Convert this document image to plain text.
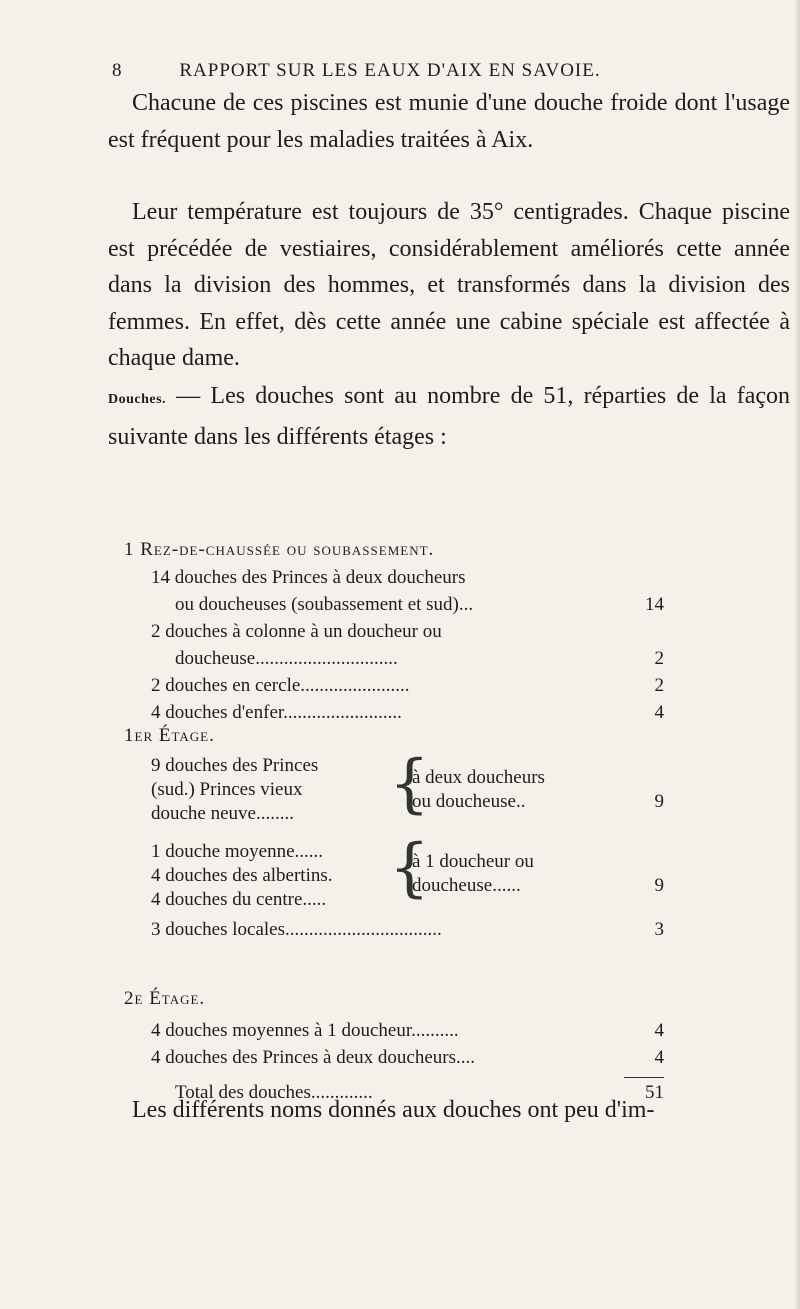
8	RAPPORT SUR LES EAUX D'AIX EN SAVOIE.

Chacune de ces piscines est munie d'une douche froide dont l'usage est fréquent pour les maladies traitées à Aix.

Leur température est toujours de 35° centigrades. Chaque piscine est précédée de vestiaires, considérablement améliorés cette année dans la division des hommes, et transformés dans la division des femmes. En effet, dès cette année une cabine spéciale est affectée à chaque dame.

Douches. — Les douches sont au nombre de 51, réparties de la façon suivante dans les différents étages :

1 Rez-de-chaussée ou soubassement.
14 douches des Princes à deux doucheurs
ou doucheuses (soubassement et sud)...	14
2 douches à colonne à un doucheur ou
doucheuse..............................	2
2 douches en cercle.......................	2
4 douches d'enfer.........................	4
1er Étage.
9 douches des Princes
(sud.) Princes vieux
douche neuve........	{
à deux doucheurs
ou doucheuse..	9
1 douche moyenne......
4 douches des albertins.
4 douches du centre..... {
à 1 doucheur ou
doucheuse......	9
3 douches locales.................................	3
2e Étage.
4 douches moyennes à 1 doucheur..........	4
4 douches des Princes à deux doucheurs....	4
Total des douches.............	51

Les différents noms donnés aux douches ont peu d'im-
